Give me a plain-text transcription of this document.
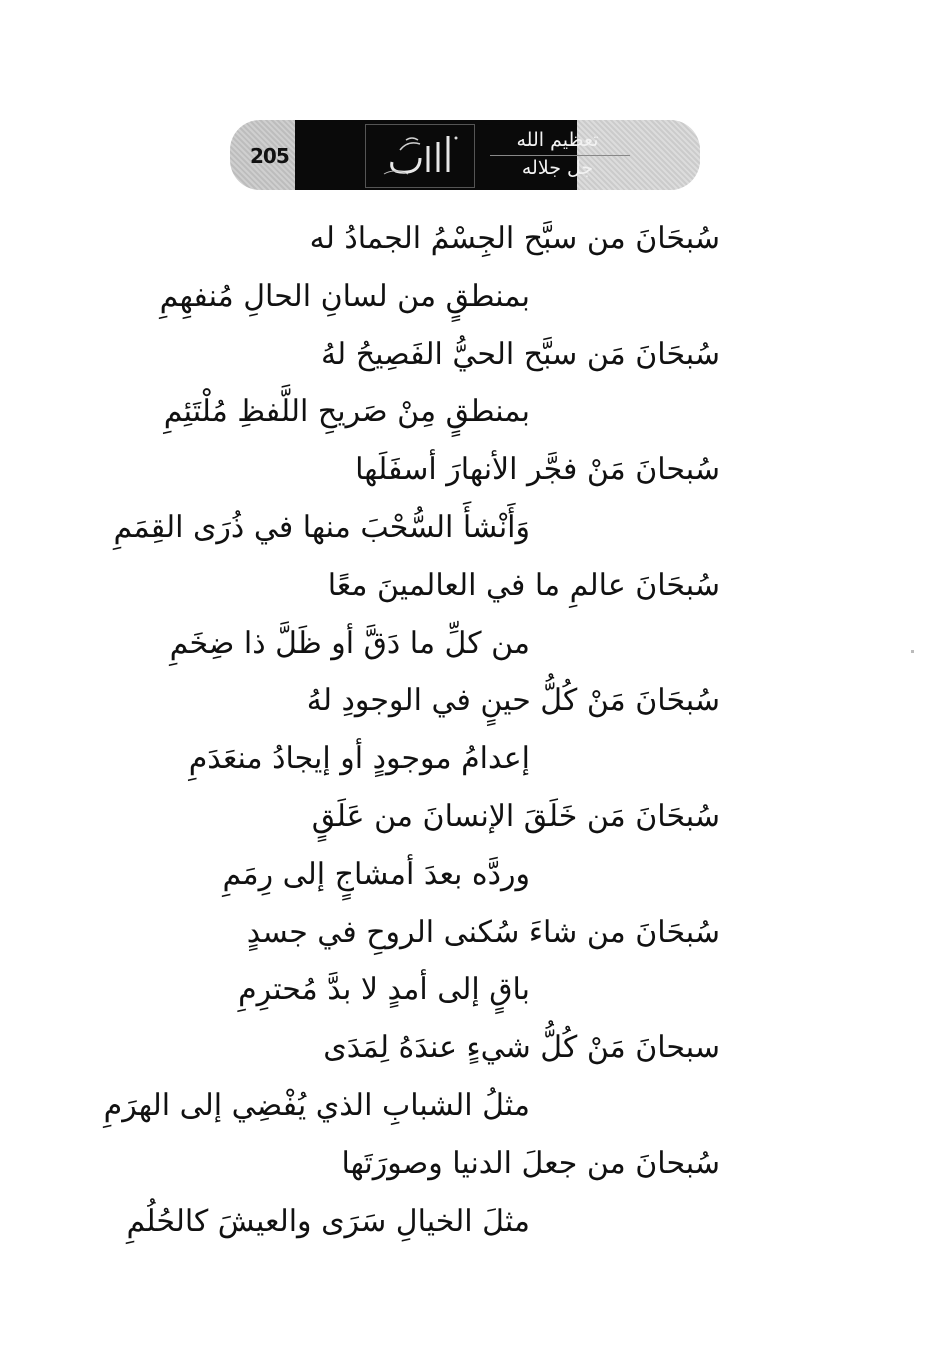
205
تعظيم الله
جل جلاله
سُبحَانَ من سبَّح الجِسْمُ الجمادُ له
بمنطقٍ من لسانِ الحالِ مُنفهِمِ
سُبحَانَ مَن سبَّح الحيُّ الفَصِيحُ لهُ
بمنطقٍ مِنْ صَريحِ اللَّفظِ مُلْتَئِمِ
سُبحانَ مَنْ فجَّر الأنهارَ أسفَلَها
وَأَنْشأَ السُّحْبَ منها في ذُرَى القِمَمِ
سُبحَانَ عالمِ ما في العالمينَ معًا
من كلِّ ما دَقَّ أو ظَلَّ ذا ضِخَمِ
سُبحَانَ مَنْ كُلُّ حينٍ في الوجودِ لهُ
إعدامُ موجودٍ أو إيجادُ منعَدَمِ
سُبحَانَ مَن خَلَقَ الإنسانَ من عَلَقٍ
وردَّه بعدَ أمشاجٍ إلى رِمَمِ
سُبحَانَ من شاءَ سُكنى الروحِ في جسدٍ
باقٍ إلى أمدٍ لا بدَّ مُحترِمِ
سبحانَ مَنْ كُلُّ شيءٍ عندَهُ لِمَدَى
مثلُ الشبابِ الذي يُفْضِي إلى الهرَمِ
سُبحانَ من جعلَ الدنيا وصورَتَها
مثلَ الخيالِ سَرَى والعيشَ كالحُلُمِ
